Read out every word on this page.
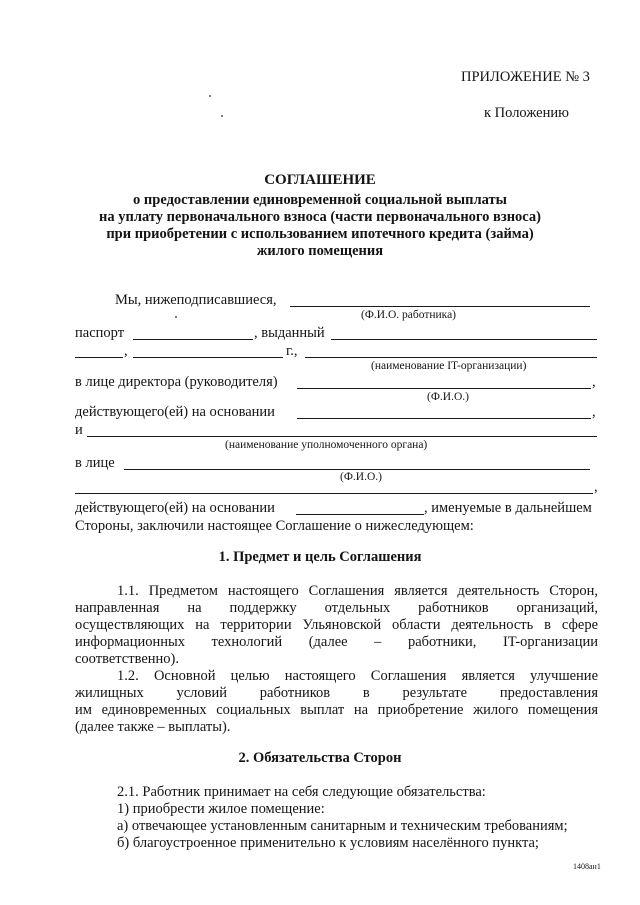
ПРИЛОЖЕНИЕ № 3
к Положению
СОГЛАШЕНИЕ
о предоставлении единовременной социальной выплаты
на уплату первоначального взноса (части первоначального взноса)
при приобретении с использованием ипотечного кредита (займа)
жилого помещения
Мы, нижеподписавшиеся,
(Ф.И.О. работника)
паспорт	, выданный
,	г.,
(наименование IT-организации)
в лице директора (руководителя)	,
(Ф.И.О.)
действующего(ей) на основании	,
и
(наименование уполномоченного органа)
в лице
(Ф.И.О.)
,
действующего(ей) на основании	, именуемые в дальнейшем
Стороны, заключили настоящее Соглашение о нижеследующем:
1. Предмет и цель Соглашения
1.1. Предметом настоящего Соглашения является деятельность Сторон,
направленная на поддержку отдельных работников организаций,
осуществляющих на территории Ульяновской области деятельность в сфере
информационных технологий (далее – работники, IT-организации
соответственно).
1.2. Основной целью настоящего Соглашения является улучшение
жилищных условий работников в результате предоставления
им единовременных социальных выплат на приобретение жилого помещения
(далее также – выплаты).
2. Обязательства Сторон
2.1. Работник принимает на себя следующие обязательства:
1) приобрести жилое помещение:
а) отвечающее установленным санитарным и техническим требованиям;
б) благоустроенное применительно к условиям населённого пункта;
1408ан1
